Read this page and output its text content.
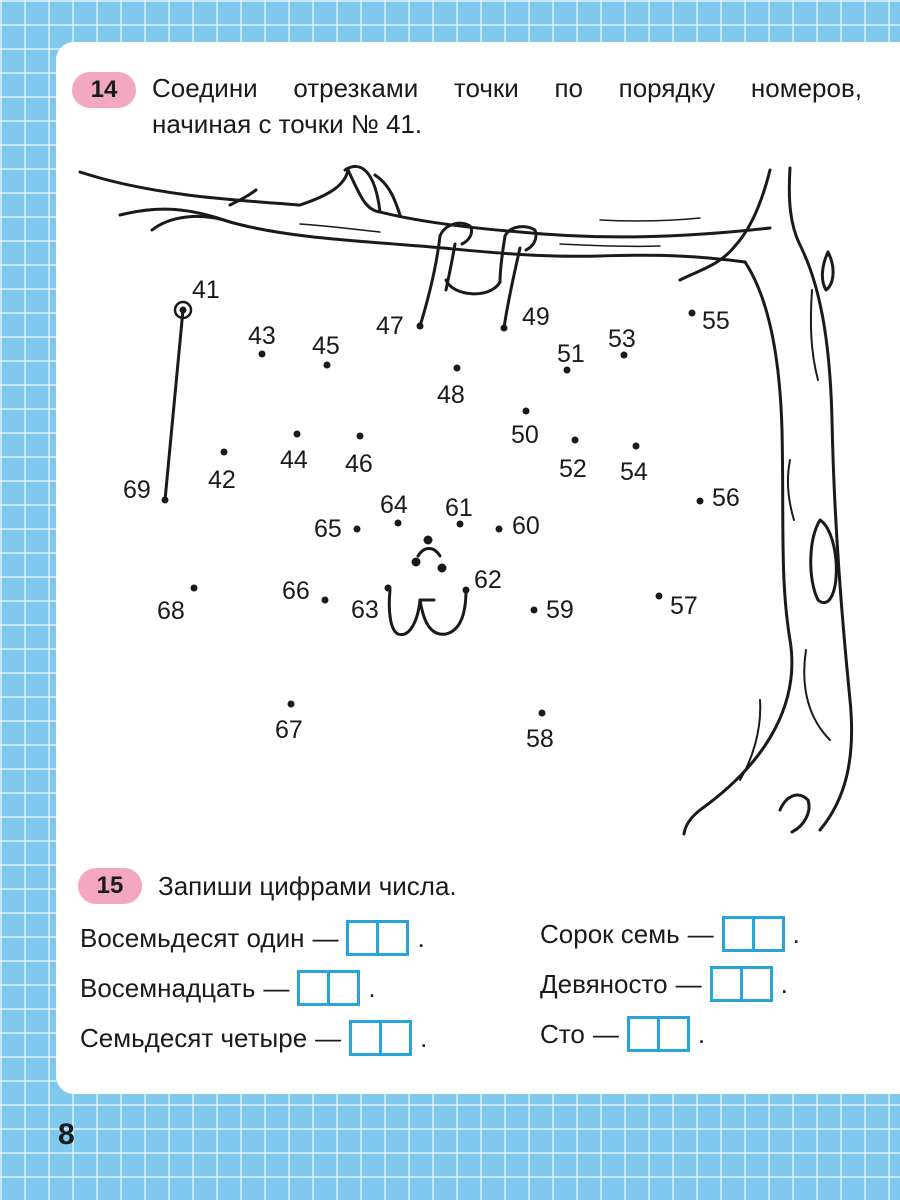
14 Соедини отрезками точки по порядку номеров,
начиная с точки № 41.
41
42
43
44
45
46
47
48
49
50
51
52
53
54
55
56
57
58
59
60
61
62
63
64
65
66
67
68
69
15 Запиши цифрами числа.
Восемьдесят один —	.
Восемнадцать —	.
Семьдесят четыре —	.
Сорок семь —	.
Девяносто —	.
Сто —	.
8
